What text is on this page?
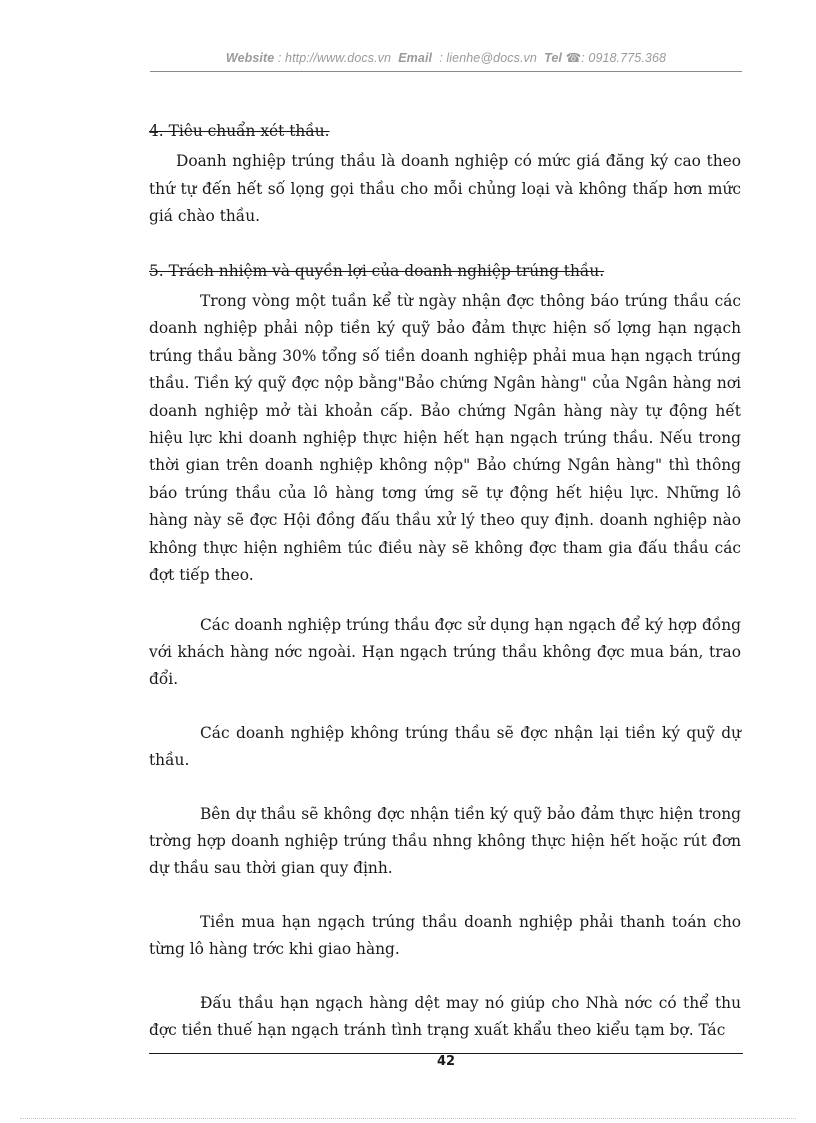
Website : http://www.docs.vn Email : lienhe@docs.vn Tel ☎: 0918.775.368

4. Tiêu chuẩn xét thầu.

Doanh nghiệp trúng thầu là doanh nghiệp có mức giá đăng ký cao theo thứ tự đến hết số lọng gọi thầu cho mỗi chủng loại và không thấp hơn mức giá chào thầu.

5. Trách nhiệm và quyền lợi của doanh nghiệp trúng thầu.

Trong vòng một tuần kể từ ngày nhận đợc thông báo trúng thầu các doanh nghiệp phải nộp tiền ký quỹ bảo đảm thực hiện số lợng hạn ngạch trúng thầu bằng 30% tổng số tiền doanh nghiệp phải mua hạn ngạch trúng thầu. Tiền ký quỹ đợc nộp bằng"Bảo chứng Ngân hàng" của Ngân hàng nơi doanh nghiệp mở tài khoản cấp. Bảo chứng Ngân hàng này tự động hết hiệu lực khi doanh nghiệp thực hiện hết hạn ngạch trúng thầu. Nếu trong thời gian trên doanh nghiệp không nộp" Bảo chứng Ngân hàng" thì thông báo trúng thầu của lô hàng tơng ứng sẽ tự động hết hiệu lực. Những lô hàng này sẽ đợc Hội đồng đấu thầu xử lý theo quy định. doanh nghiệp nào không thực hiện nghiêm túc điều này sẽ không đợc tham gia đấu thầu các đợt tiếp theo.

Các doanh nghiệp trúng thầu đợc sử dụng hạn ngạch để ký hợp đồng với khách hàng nớc ngoài. Hạn ngạch trúng thầu không đợc mua bán, trao đổi.

Các doanh nghiệp không trúng thầu sẽ đợc nhận lại tiền ký quỹ dự thầu.

Bên dự thầu sẽ không đợc nhận tiền ký quỹ bảo đảm thực hiện trong trờng hợp doanh nghiệp trúng thầu nhng không thực hiện hết hoặc rút đơn dự thầu sau thời gian quy định.

Tiền mua hạn ngạch trúng thầu doanh nghiệp phải thanh toán cho từng lô hàng trớc khi giao hàng.

Đấu thầu hạn ngạch hàng dệt may nó giúp cho Nhà nớc có thể thu đợc tiền thuế hạn ngạch tránh tình trạng xuất khẩu theo kiểu tạm bợ. Tác

42
